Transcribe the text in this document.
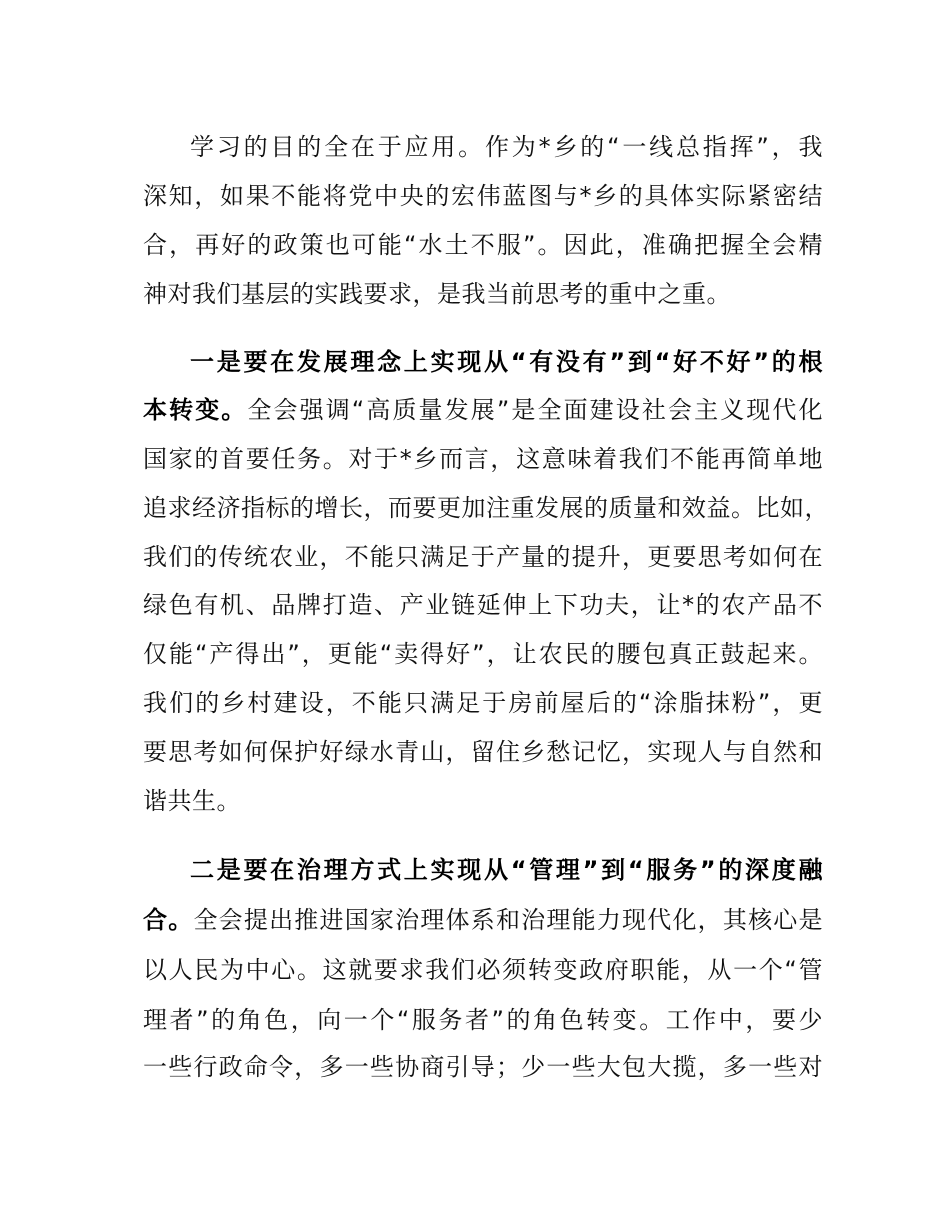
学习的目的全在于应用。作为*乡的“一线总指挥”，我
深知，如果不能将党中央的宏伟蓝图与*乡的具体实际紧密结
合，再好的政策也可能“水土不服”。因此，准确把握全会精
神对我们基层的实践要求，是我当前思考的重中之重。
一是要在发展理念上实现从“有没有”到“好不好”的根
本转变。全会强调“高质量发展”是全面建设社会主义现代化
国家的首要任务。对于*乡而言，这意味着我们不能再简单地
追求经济指标的增长，而要更加注重发展的质量和效益。比如，
我们的传统农业，不能只满足于产量的提升，更要思考如何在
绿色有机、品牌打造、产业链延伸上下功夫，让*的农产品不
仅能“产得出”，更能“卖得好”，让农民的腰包真正鼓起来。
我们的乡村建设，不能只满足于房前屋后的“涂脂抹粉”，更
要思考如何保护好绿水青山，留住乡愁记忆，实现人与自然和
谐共生。
二是要在治理方式上实现从“管理”到“服务”的深度融
合。全会提出推进国家治理体系和治理能力现代化，其核心是
以人民为中心。这就要求我们必须转变政府职能，从一个“管
理者”的角色，向一个“服务者”的角色转变。工作中，要少
一些行政命令，多一些协商引导；少一些大包大揽，多一些对
